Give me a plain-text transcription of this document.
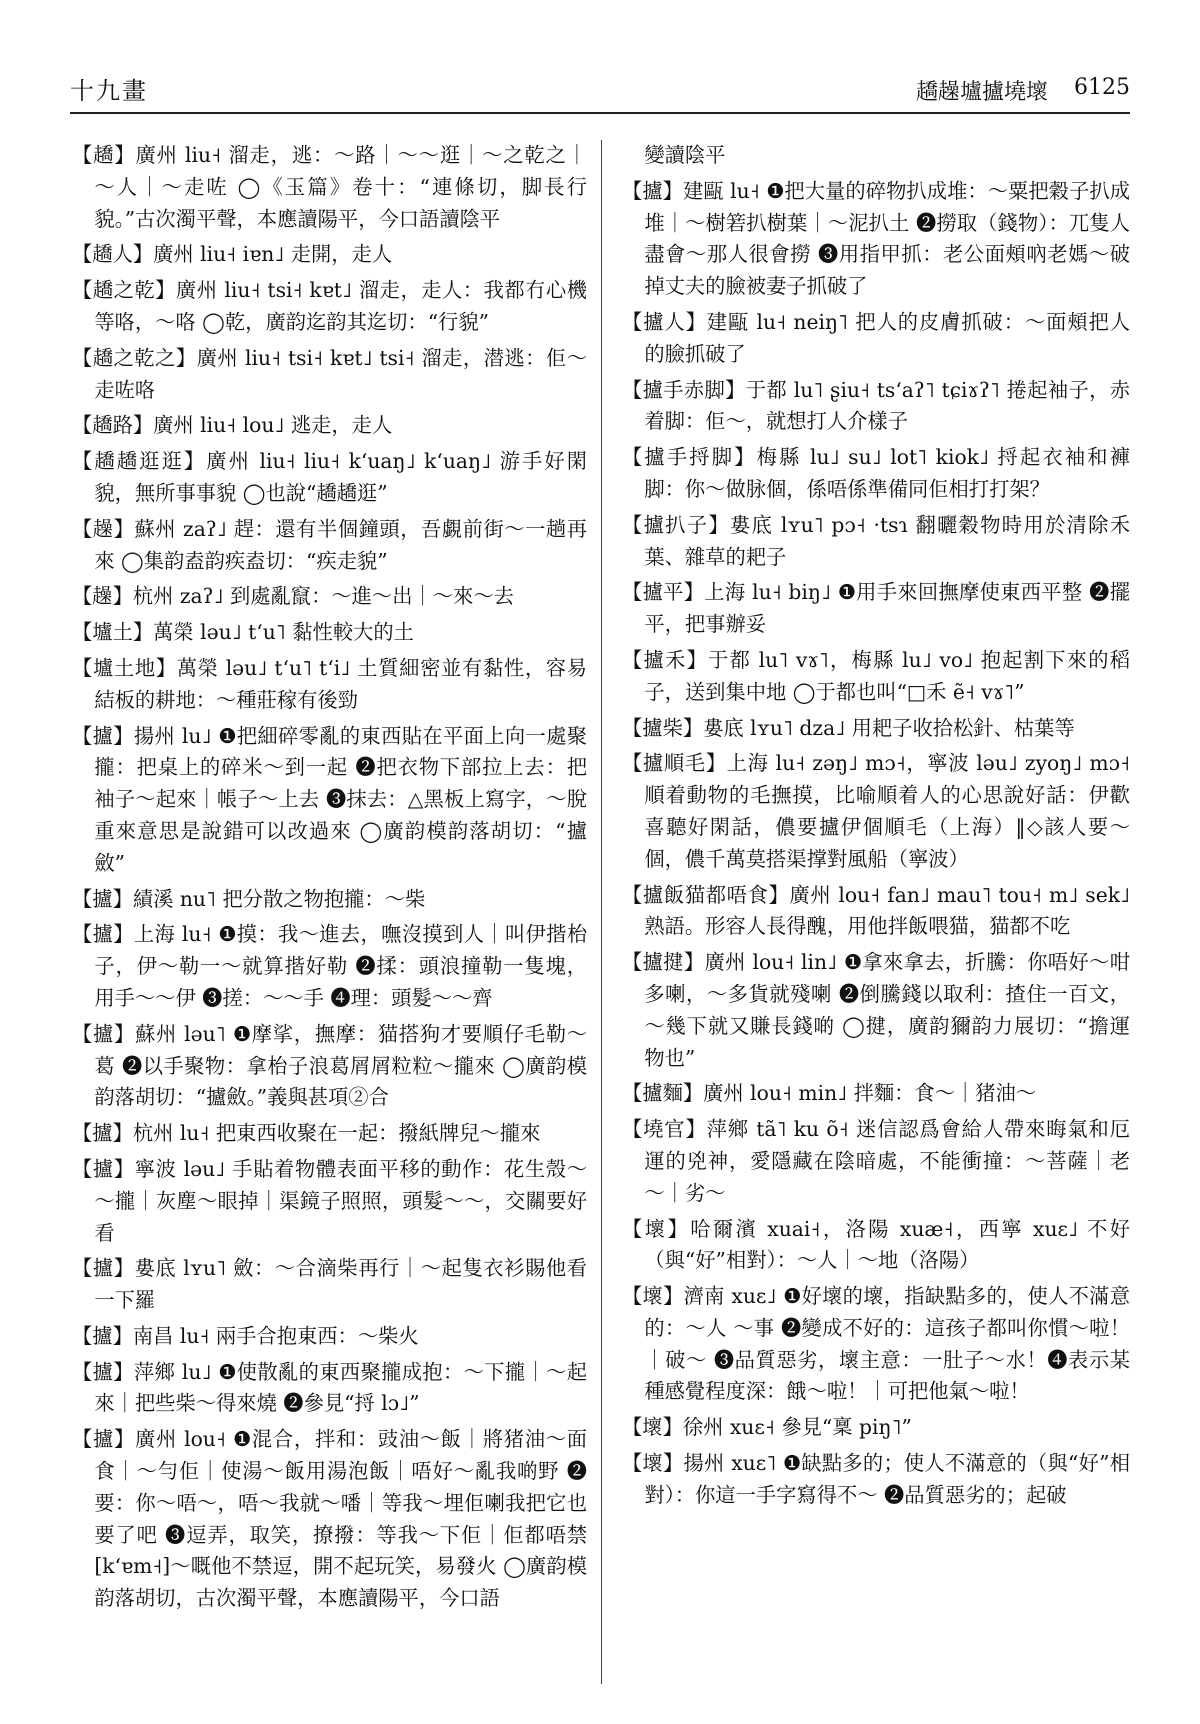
十九畫	趫趮壚攎墝壞 6125

【趫】廣州 liu˧ 溜走，逃：～路｜～～逛｜～之乾之｜～人｜～走咗 ◯《玉篇》卷十：“連條切，脚長行貌。”古次濁平聲，本應讀陽平，今口語讀陰平

【趫人】廣州 liu˧ iɐn˩ 走開，走人

【趫之乾】廣州 liu˧ tsi˧ kɐt˩ 溜走，走人：我都冇心機等咯，～咯 ◯乾，廣韵迄韵其迄切：“行貌”

【趫之乾之】廣州 liu˧ tsi˧ kɐt˩ tsi˧ 溜走，潜逃：佢～走咗咯

【趫路】廣州 liu˧ lou˩ 逃走，走人

【趫趫逛逛】廣州 liu˧ liu˧ kʻuaŋ˩ kʻuaŋ˩ 游手好閑貌，無所事事貌 ◯也說“趫趫逛”

【趮】蘇州 zaʔ˩ 趕：還有半個鐘頭，吾覷前街～一趟再來 ◯集韵盍韵疾盍切：“疾走貌”

【趮】杭州 zaʔ˩ 到處亂竄：～進～出｜～來～去

【壚土】萬榮 ləu˩ tʻu˥ 黏性較大的土

【壚土地】萬榮 ləu˩ tʻu˥ tʻi˩ 土質細密並有黏性，容易結板的耕地：～種莊稼有後勁

【攎】揚州 lu˩ ❶把細碎零亂的東西貼在平面上向一處聚攏：把桌上的碎米～到一起 ❷把衣物下部拉上去：把袖子～起來｜帳子～上去 ❸抹去：△黑板上寫字，～脫重來意思是說錯可以改過來 ◯廣韵模韵落胡切：“攎斂”

【攎】績溪 nu˥ 把分散之物抱攏：～柴

【攎】上海 lu˧ ❶摸：我～進去，嘸沒摸到人｜叫伊揩枱子，伊～勒一～就算揩好勒 ❷揉：頭浪撞勒一隻塊，用手～～伊 ❸搓：～～手 ❹理：頭髮～～齊

【攎】蘇州 ləu˥ ❶摩挲，撫摩：猫搭狗才要順仔毛勒～葛 ❷以手聚物：拿枱子浪葛屑屑粒粒～攏來 ◯廣韵模韵落胡切：“攎斂。”義與甚項②合

【攎】杭州 lu˧ 把東西收聚在一起：撥紙牌兒～攏來

【攎】寧波 ləu˩ 手貼着物體表面平移的動作：花生殼～～攏｜灰塵～眼掉｜渠鏡子照照，頭髮～～，交關要好看

【攎】婁底 lʏu˥ 斂：～合滴柴再行｜～起隻衣衫賜他看一下羅

【攎】南昌 lu˧ 兩手合抱東西：～柴火

【攎】萍鄉 lu˩ ❶使散亂的東西聚攏成抱：～下攏｜～起來｜把些柴～得來燒 ❷參見“捋 lɔ˩”

【攎】廣州 lou˧ ❶混合，拌和：豉油～飯｜將猪油～面食｜～勻佢｜使湯～飯用湯泡飯｜唔好～亂我啲野 ❷要：你～唔～，唔～我就～噃｜等我～埋佢喇我把它也要了吧 ❸逗弄，取笑，撩撥：等我～下佢｜佢都唔禁[kʻɐm˧]～嘅他不禁逗，開不起玩笑，易發火 ◯廣韵模韵落胡切，古次濁平聲，本應讀陽平，今口語

變讀陰平

【攎】建甌 lu˧ ❶把大量的碎物扒成堆：～粟把穀子扒成堆｜～樹箬扒樹葉｜～泥扒土 ❷撈取（錢物）：兀隻人盡會～那人很會撈 ❸用指甲抓：老公面頰吶老媽～破掉丈夫的臉被妻子抓破了

【攎人】建甌 lu˧ neiŋ˥ 把人的皮膚抓破：～面頰把人的臉抓破了

【攎手赤脚】于都 lu˥ ʂiu˧ tsʻaʔ˥ tɕiɤʔ˥ 捲起袖子，赤着脚：佢～，就想打人介樣子

【攎手捋脚】梅縣 lu˩ su˩ lot˥ kiok˩ 捋起衣袖和褲脚：你～做脉個，係唔係準備同佢相打打架？

【攎扒子】婁底 lʏu˥ pɔ˧ ·tsɿ 翻曬穀物時用於清除禾葉、雜草的耙子

【攎平】上海 lu˧ biŋ˩ ❶用手來回撫摩使東西平整 ❷擺平，把事辦妥

【攎禾】于都 lu˥ vɤ˥，梅縣 lu˩ vo˩ 抱起割下來的稻子，送到集中地 ◯于都也叫“□禾 ẽ˧ vɤ˥”

【攎柴】婁底 lʏu˥ dza˩ 用耙子收拾松針、枯葉等

【攎順毛】上海 lu˧ zəŋ˩ mɔ˧，寧波 ləu˩ zyoŋ˩ mɔ˧ 順着動物的毛撫摸，比喻順着人的心思說好話：伊歡喜聽好閑話，儂要攎伊個順毛（上海）‖◇該人要～個，儂千萬莫搭渠撑對風船（寧波）

【攎飯猫都唔食】廣州 lou˧ fan˩ mau˥ tou˧ m˩ sek˩ 熟語。形容人長得醜，用他拌飯喂猫，猫都不吃

【攎揵】廣州 lou˧ lin˩ ❶拿來拿去，折騰：你唔好～咁多喇，～多貨就殘喇 ❷倒騰錢以取利：揸住一百文，～幾下就又賺長錢啲 ◯揵，廣韵獮韵力展切：“擔運物也”

【攎麵】廣州 lou˧ min˩ 拌麵：食～｜猪油～

【墝官】萍鄉 tã˥ ku õ˧ 迷信認爲會給人帶來晦氣和厄運的兇神，愛隱藏在陰暗處，不能衝撞：～菩薩｜老～｜劣～

【壞】哈爾濱 xuai˧，洛陽 xuæ˧，西寧 xuɛ˩ 不好（與“好”相對）：～人｜～地（洛陽）

【壞】濟南 xuɛ˩ ❶好壞的壞，指缺點多的，使人不滿意的：～人 ～事 ❷變成不好的：這孩子都叫你慣～啦！｜破～ ❸品質惡劣，壞主意：一肚子～水！❹表示某種感覺程度深：餓～啦！｜可把他氣～啦！

【壞】徐州 xuɛ˧ 參見“稟 piŋ˥”

【壞】揚州 xuɛ˥ ❶缺點多的；使人不滿意的（與“好”相對）：你這一手字寫得不～ ❷品質惡劣的；起破
